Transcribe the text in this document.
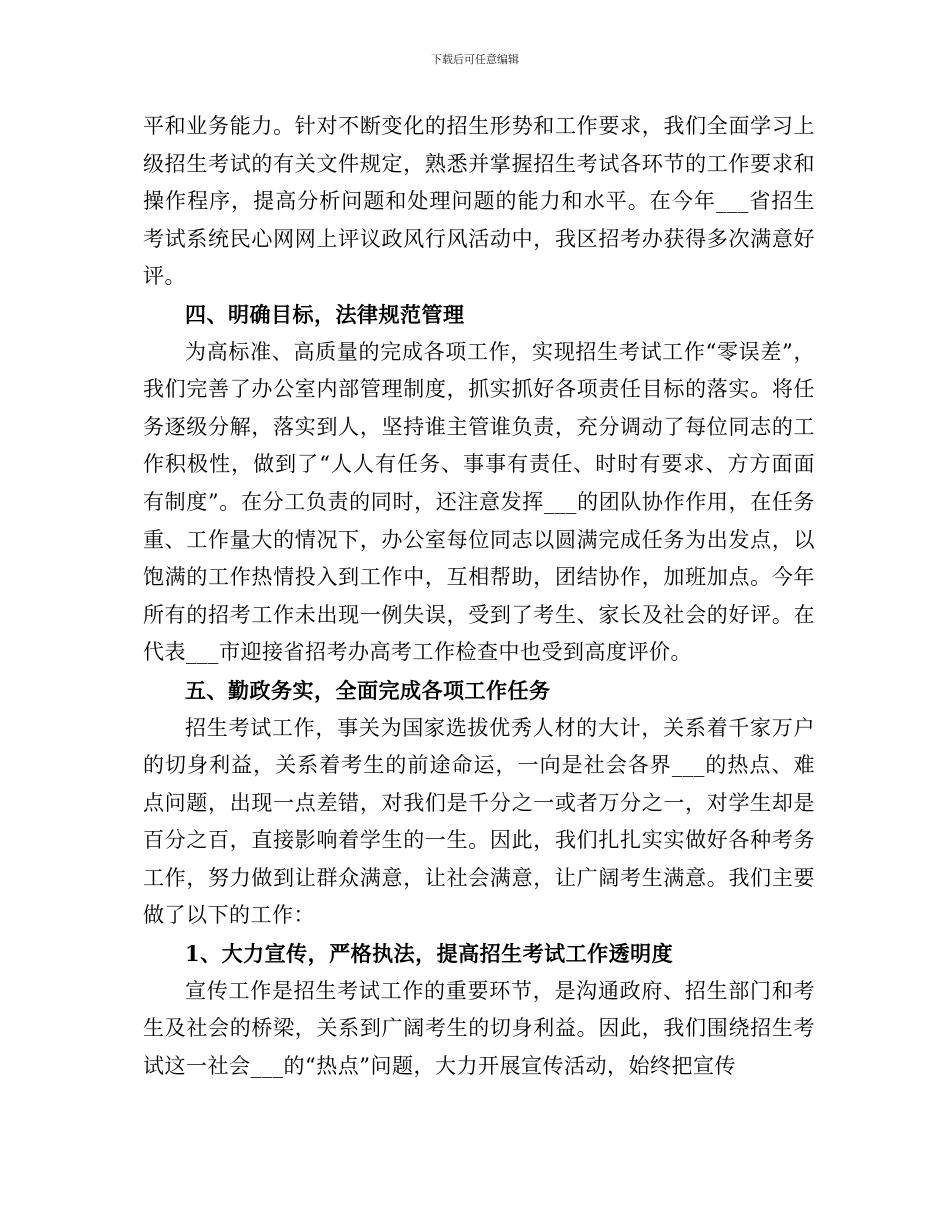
下载后可任意编辑

平和业务能力。针对不断变化的招生形势和工作要求，我们全面学习上级招生考试的有关文件规定，熟悉并掌握招生考试各环节的工作要求和操作程序，提高分析问题和处理问题的能力和水平。在今年___省招生考试系统民心网网上评议政风行风活动中，我区招考办获得多次满意好评。

四、明确目标，法律规范管理

为高标准、高质量的完成各项工作，实现招生考试工作“零误差”，我们完善了办公室内部管理制度，抓实抓好各项责任目标的落实。将任务逐级分解，落实到人，坚持谁主管谁负责，充分调动了每位同志的工作积极性，做到了“人人有任务、事事有责任、时时有要求、方方面面有制度”。在分工负责的同时，还注意发挥___的团队协作作用，在任务重、工作量大的情况下，办公室每位同志以圆满完成任务为出发点，以饱满的工作热情投入到工作中，互相帮助，团结协作，加班加点。今年所有的招考工作未出现一例失误，受到了考生、家长及社会的好评。在代表___市迎接省招考办高考工作检查中也受到高度评价。

五、勤政务实，全面完成各项工作任务

招生考试工作，事关为国家选拔优秀人材的大计，关系着千家万户的切身利益，关系着考生的前途命运，一向是社会各界___的热点、难点问题，出现一点差错，对我们是千分之一或者万分之一，对学生却是百分之百，直接影响着学生的一生。因此，我们扎扎实实做好各种考务工作，努力做到让群众满意，让社会满意，让广阔考生满意。我们主要做了以下的工作：

1、大力宣传，严格执法，提高招生考试工作透明度

宣传工作是招生考试工作的重要环节，是沟通政府、招生部门和考生及社会的桥梁，关系到广阔考生的切身利益。因此，我们围绕招生考试这一社会___的“热点”问题，大力开展宣传活动，始终把宣传
